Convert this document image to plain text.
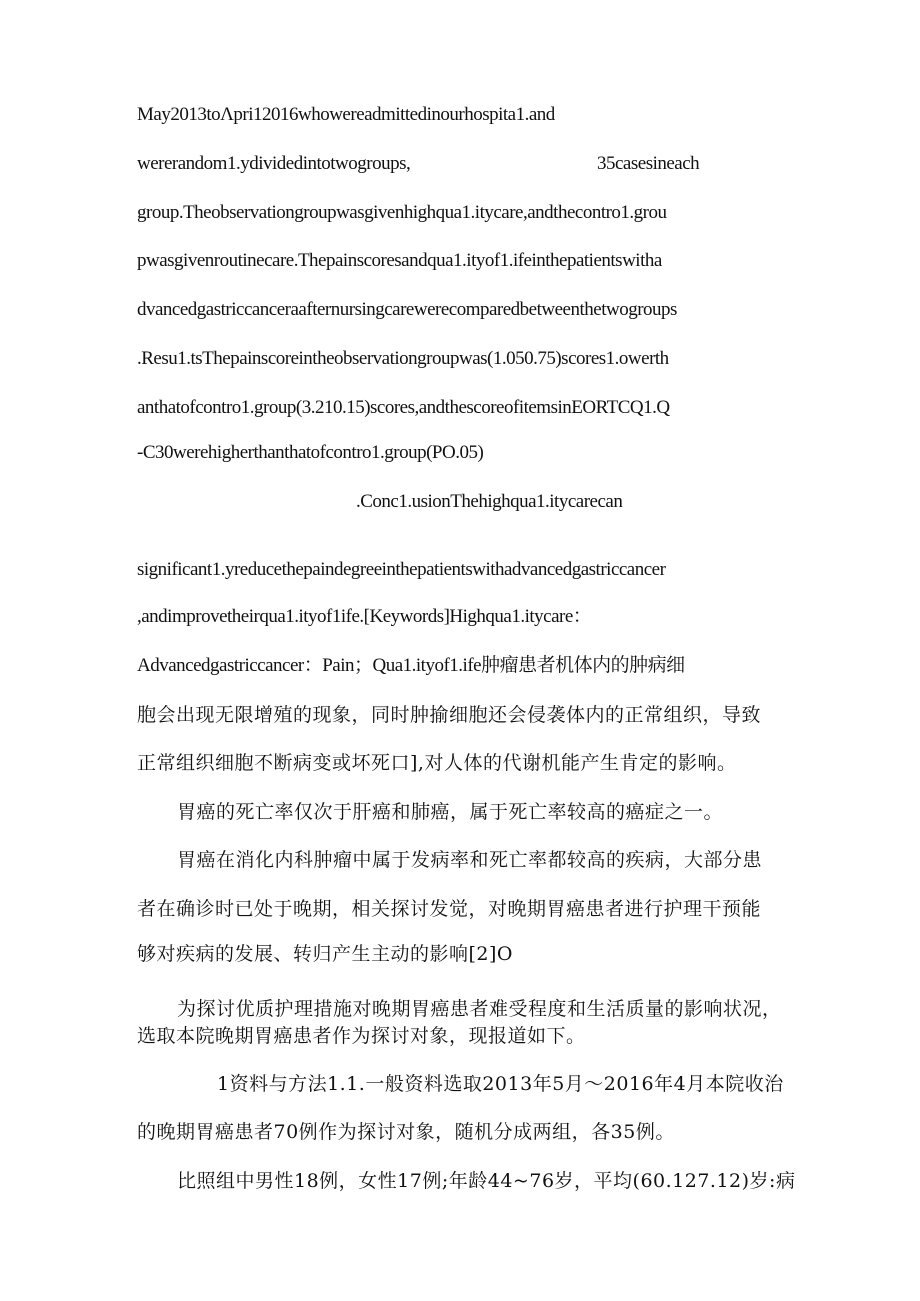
May2013toΛpri12016whowereadmittedinourhospita1.and
wererandom1.ydividedintotwogroups,	35casesineach
group.Theobservationgroupwasgivenhighqua1.itycare,andthecontro1.grou
pwasgivenroutinecare.Thepainscoresandqua1.ityof1.ifeinthepatientswitha
dvancedgastriccanceraafternursingcarewerecomparedbetweenthetwogroups
.Resu1.tsThepainscoreintheobservationgroupwas(1.050.75)scores1.owerth
anthatofcontro1.group(3.210.15)scores,andthescoreofitemsinEORTCQ1.Q
-C30werehigherthanthatofcontro1.group(PO.05)
.Conc1.usionThehighqua1.itycarecan
significant1.yreducethepaindegreeinthepatientswithadvancedgastriccancer
,andimprovetheirqua1.ityof1ife.[Keywords]Highqua1.itycare：
Advancedgastriccancer：Pain；Qua1.ityof1.ife肿瘤患者机体内的肿病细
胞会出现无限增殖的现象，同时肿揄细胞还会侵袭体内的正常组织，导致
正常组织细胞不断病变或坏死口],对人体的代谢机能产生肯定的影响。
胃癌的死亡率仅次于肝癌和肺癌，属于死亡率较高的癌症之一。
胃癌在消化内科肿瘤中属于发病率和死亡率都较高的疾病，大部分患
者在确诊时已处于晚期，相关探讨发觉，对晚期胃癌患者进行护理干预能
够对疾病的发展、转归产生主动的影响[2]O
为探讨优质护理措施对晚期胃癌患者难受程度和生活质量的影响状况，
选取本院晚期胃癌患者作为探讨对象，现报道如下。
1资料与方法1.1.一般资料选取2013年5月～2016年4月本院收治
的晚期胃癌患者70例作为探讨对象，随机分成两组，各35例。
比照组中男性18例，女性17例;年龄44~76岁，平均(60.127.12)岁:病
